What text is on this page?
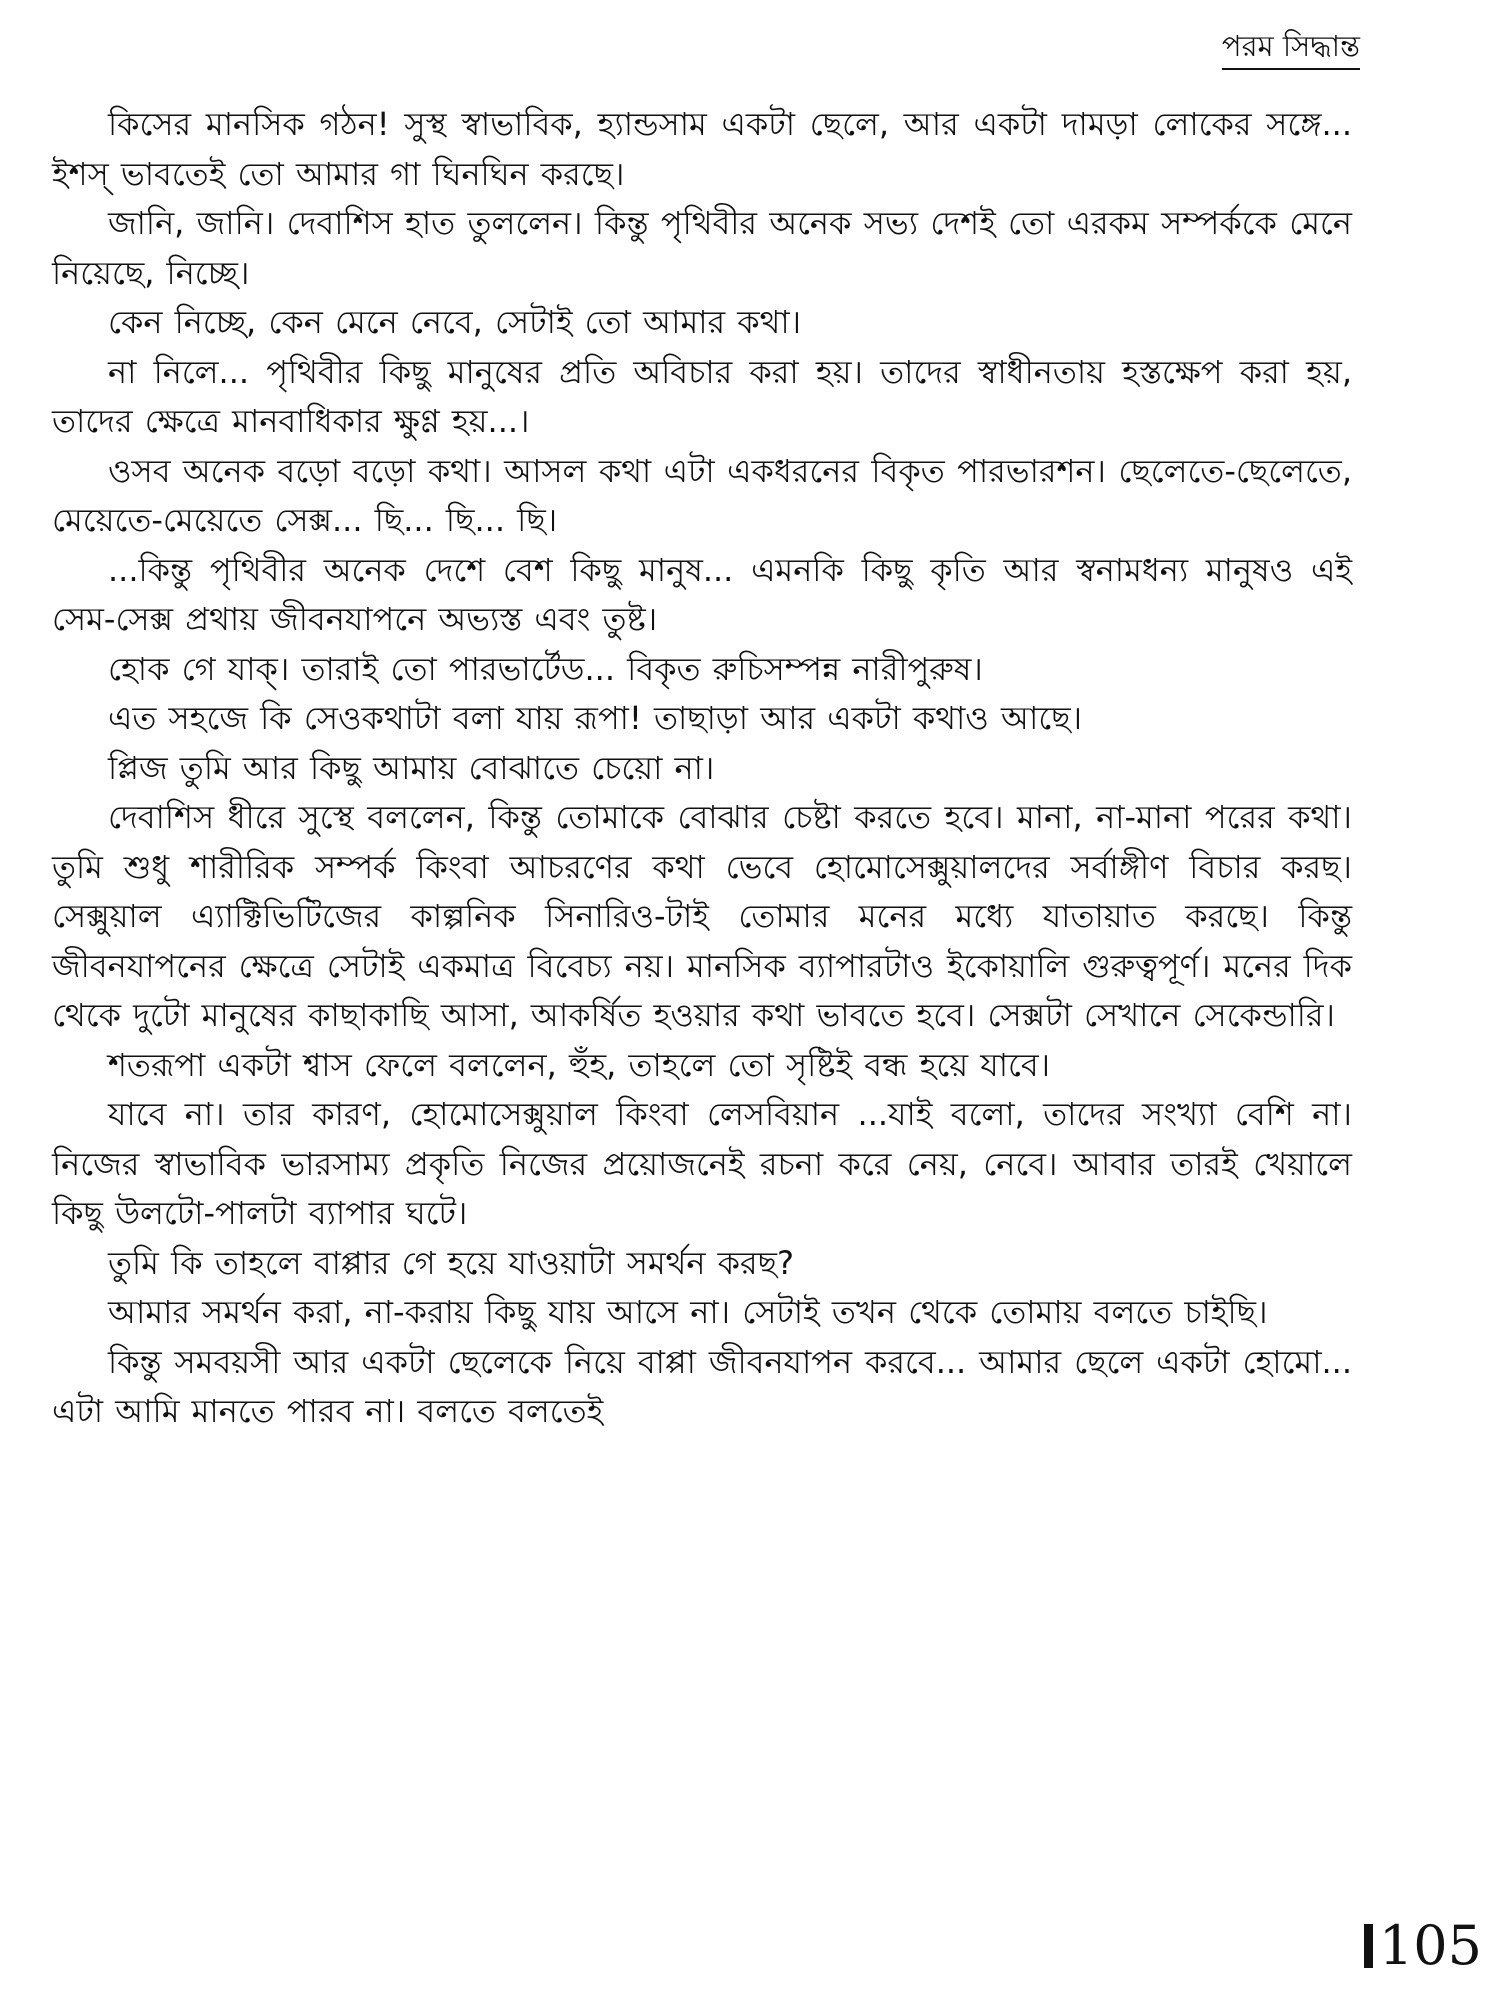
পরম সিদ্ধান্ত

কিসের মানসিক গঠন! সুস্থ স্বাভাবিক, হ্যান্ডসাম একটা ছেলে, আর একটা দামড়া লোকের সঙ্গে... ইশস্ ভাবতেই তো আমার গা ঘিনঘিন করছে।

জানি, জানি। দেবাশিস হাত তুললেন। কিন্তু পৃথিবীর অনেক সভ্য দেশই তো এরকম সম্পর্ককে মেনে নিয়েছে, নিচ্ছে।

কেন নিচ্ছে, কেন মেনে নেবে, সেটাই তো আমার কথা।

না নিলে... পৃথিবীর কিছু মানুষের প্রতি অবিচার করা হয়। তাদের স্বাধীনতায় হস্তক্ষেপ করা হয়, তাদের ক্ষেত্রে মানবাধিকার ক্ষুণ্ণ হয়...।

ওসব অনেক বড়ো বড়ো কথা। আসল কথা এটা একধরনের বিকৃত পারভারশন। ছেলেতে-ছেলেতে, মেয়েতে-মেয়েতে সেক্স... ছি... ছি... ছি।

...কিন্তু পৃথিবীর অনেক দেশে বেশ কিছু মানুষ... এমনকি কিছু কৃতি আর স্বনামধন্য মানুষও এই সেম-সেক্স প্রথায় জীবনযাপনে অভ্যস্ত এবং তুষ্ট।

হোক গে যাক্। তারাই তো পারভার্টেড... বিকৃত রুচিসম্পন্ন নারীপুরুষ।

এত সহজে কি সেওকথাটা বলা যায় রূপা! তাছাড়া আর একটা কথাও আছে।

প্লিজ তুমি আর কিছু আমায় বোঝাতে চেয়ো না।

দেবাশিস ধীরে সুস্থে বললেন, কিন্তু তোমাকে বোঝার চেষ্টা করতে হবে। মানা, না-মানা পরের কথা। তুমি শুধু শারীরিক সম্পর্ক কিংবা আচরণের কথা ভেবে হোমোসেক্সুয়ালদের সর্বাঙ্গীণ বিচার করছ। সেক্সুয়াল এ্যাক্টিভিটিজের কাল্পনিক সিনারিও-টাই তোমার মনের মধ্যে যাতায়াত করছে। কিন্তু জীবনযাপনের ক্ষেত্রে সেটাই একমাত্র বিবেচ্য নয়। মানসিক ব্যাপারটাও ইকোয়ালি গুরুত্বপূর্ণ। মনের দিক থেকে দুটো মানুষের কাছাকাছি আসা, আকর্ষিত হওয়ার কথা ভাবতে হবে। সেক্সটা সেখানে সেকেন্ডারি।

শতরূপা একটা শ্বাস ফেলে বললেন, হুঁহ, তাহলে তো সৃষ্টিই বন্ধ হয়ে যাবে।

যাবে না। তার কারণ, হোমোসেক্সুয়াল কিংবা লেসবিয়ান ...যাই বলো, তাদের সংখ্যা বেশি না। নিজের স্বাভাবিক ভারসাম্য প্রকৃতি নিজের প্রয়োজনেই রচনা করে নেয়, নেবে। আবার তারই খেয়ালে কিছু উলটো-পালটা ব্যাপার ঘটে।

তুমি কি তাহলে বাপ্পার গে হয়ে যাওয়াটা সমর্থন করছ?

আমার সমর্থন করা, না-করায় কিছু যায় আসে না। সেটাই তখন থেকে তোমায় বলতে চাইছি।

কিন্তু সমবয়সী আর একটা ছেলেকে নিয়ে বাপ্পা জীবনযাপন করবে... আমার ছেলে একটা হোমো... এটা আমি মানতে পারব না। বলতে বলতেই

105
